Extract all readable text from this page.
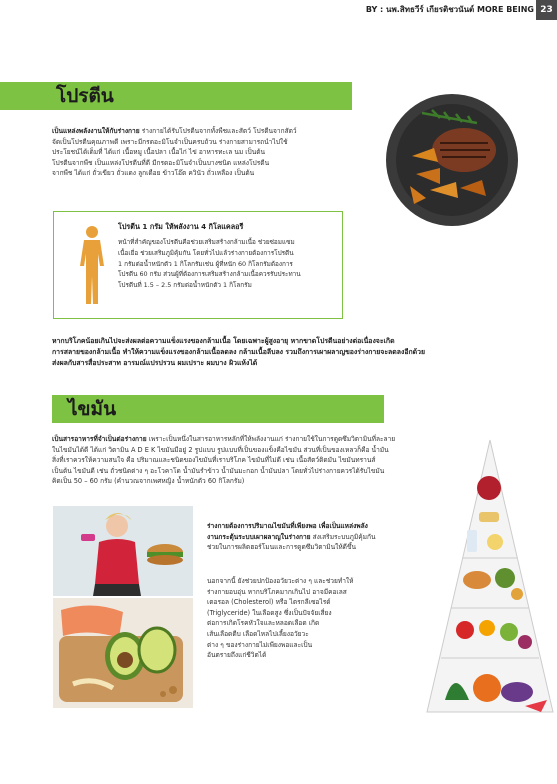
BY : นพ.สิทธวีร์ เกียรติชวนันต์ MORE BEING 23
โปรตีน
เป็นแหล่งพลังงานให้กับร่างกาย ร่างกายได้รับโปรตีนจากทั้งพืชและสัตว์ โปรตีนจากสัตว์
จัดเป็นโปรตีนคุณภาพดี เพราะมีกรดอะมิโนจำเป็นครบถ้วน ร่างกายสามารถนำไปใช้
ประโยชน์ได้เต็มที่ ได้แก่ เนื้อหมู เนื้อปลา เนื้อไก่ ไข่ อาหารทะเล นม เป็นต้น
โปรตีนจากพืช เป็นแหล่งโปรตีนที่ดี มีกรดอะมิโนจำเป็นบางชนิด แหล่งโปรตีน
จากพืช ได้แก่ ถั่วเขียว ถั่วแดง ลูกเดือย ข้าวโอ๊ต ควินัว ถั่วเหลือง เป็นต้น
โปรตีน 1 กรัม ให้พลังงาน 4 กิโลแคลอรี
หน้าที่สำคัญของโปรตีนคือช่วยเสริมสร้างกล้ามเนื้อ ช่วยซ่อมแซม
เนื้อเยื่อ ช่วยเสริมภูมิคุ้มกัน โดยทั่วไปแล้วร่างกายต้องการโปรตีน
1 กรัมต่อน้ำหนักตัว 1 กิโลกรัมเช่น ผู้ที่หนัก 60 กิโลกรัมต้องการ
โปรตีน 60 กรัม ส่วนผู้ที่ต้องการเสริมสร้างกล้ามเนื้อควรรับประทาน
โปรตีนที่ 1.5 – 2.5 กรัมต่อน้ำหนักตัว 1 กิโลกรัม
หากบริโภคน้อยเกินไปจะส่งผลต่อความแข็งแรงของกล้ามเนื้อ โดยเฉพาะผู้สูงอายุ หากขาดโปรตีนอย่างต่อเนื่องจะเกิด
การสลายของกล้ามเนื้อ ทำให้ความแข็งแรงของกล้ามเนื้อลดลง กล้ามเนื้อลีบลง รวมถึงการเผาผลาญของร่างกายจะลดลงอีกด้วย
ส่งผลกับสารสื่อประสาท อารมณ์แปรปรวน ผมเปราะ ผมบาง ผิวแห้งได้
ไขมัน
เป็นสารอาหารที่จำเป็นต่อร่างกาย เพราะเป็นหนึ่งในสารอาหารหลักที่ให้พลังงานแก่ ร่างกายใช้ในการดูดซึมวิตามินที่ละลาย
ในไขมันได้ดี ได้แก่ วิตามิน A D E K ไขมันมีอยู่ 2 รูปแบบ รูปแบบที่เป็นของแข็งคือไขมัน ส่วนที่เป็นของเหลวก็คือ น้ำมัน
สิ่งที่เราควรให้ความสนใจ คือ ปริมาณและชนิดของไขมันที่เราบริโภค ไขมันที่ไม่ดี เช่น เนื้อสัตว์ติดมัน ไขมันทรานส์
เป็นต้น ไขมันดี เช่น ถั่วชนิดต่าง ๆ อะโวคาโด น้ำมันรำข้าว น้ำมันมะกอก น้ำมันปลา โดยทั่วไปร่างกายควรได้รับไขมัน
คิดเป็น 50 – 60 กรัม (คำนวณจากเพศหญิง น้ำหนักตัว 60 กิโลกรัม)
ร่างกายต้องการปริมาณไขมันที่เพียงพอ เพื่อเป็นแหล่งพลัง
งานกระตุ้นระบบเผาผลาญในร่างกาย ส่งเสริมระบบภูมิคุ้มกัน
ช่วยในการผลิตฮอร์โมนและการดูดซึมวิตามินให้ดีขึ้น
นอกจากนี้ ยังช่วยปกป้องอวัยวะต่าง ๆ และช่วยทำให้
ร่างกายอบอุ่น หากบริโภคมากเกินไป อาจมีคอเลส
เตอรอล (Cholesterol) หรือ ไตรกลีเซอไรด์
(Triglyceride) ในเลือดสูง ซึ่งเป็นปัจจัยเสี่ยง
ต่อการเกิดโรคหัวใจและหลอดเลือด เกิด
เส้นเลือดตีบ เลือดไหลไปเลี้ยงอวัยวะ
ต่าง ๆ ของร่างกายไม่เพียงพอและเป็น
อันตรายถึงแก่ชีวิตได้
